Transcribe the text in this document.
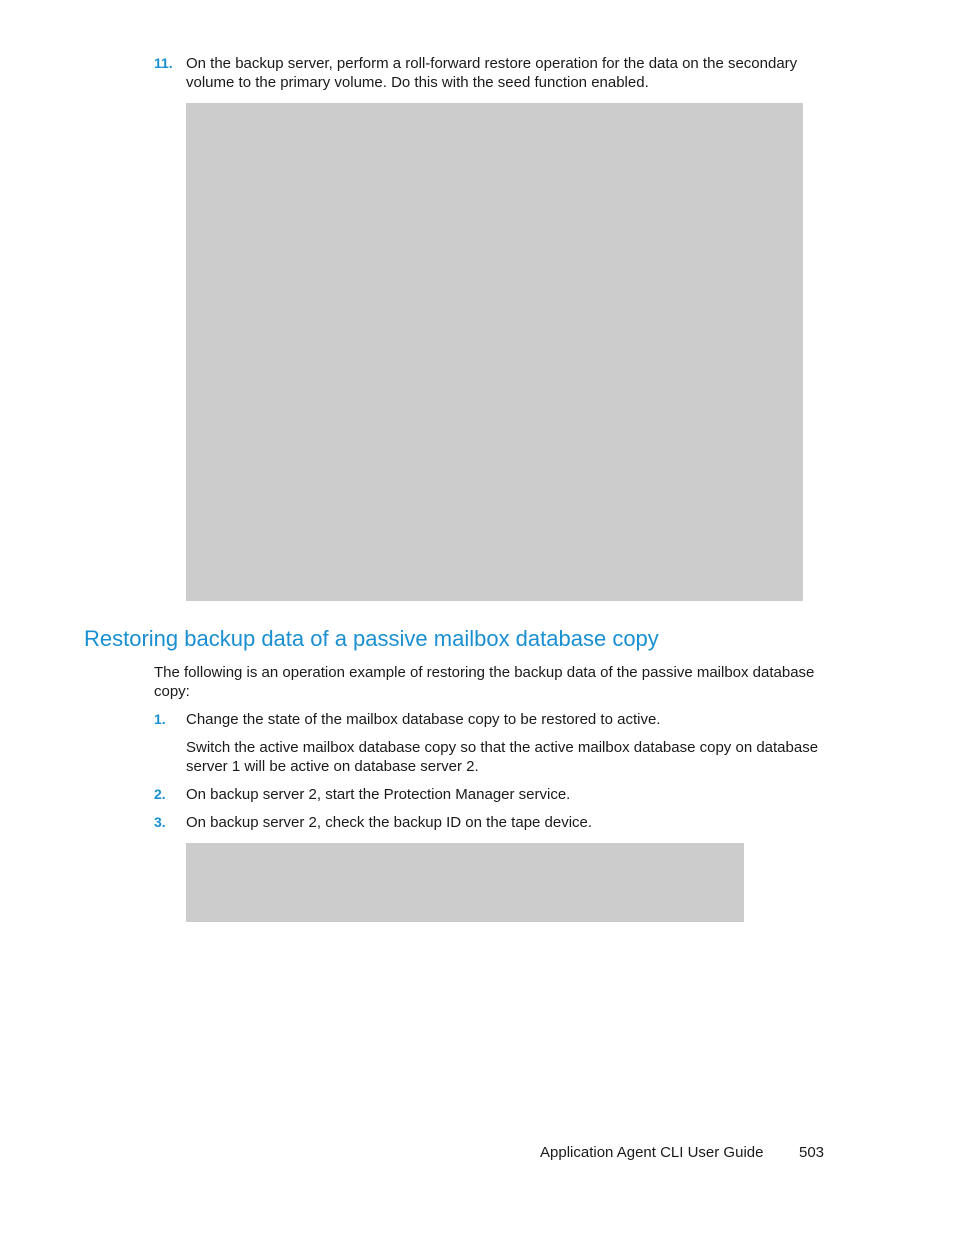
11. On the backup server, perform a roll-forward restore operation for the data on the secondary volume to the primary volume. Do this with the seed function enabled.
Restoring backup data of a passive mailbox database copy
The following is an operation example of restoring the backup data of the passive mailbox database copy:
1. Change the state of the mailbox database copy to be restored to active.
Switch the active mailbox database copy so that the active mailbox database copy on database server 1 will be active on database server 2.
2. On backup server 2, start the Protection Manager service.
3. On backup server 2, check the backup ID on the tape device.
Application Agent CLI User Guide 503
